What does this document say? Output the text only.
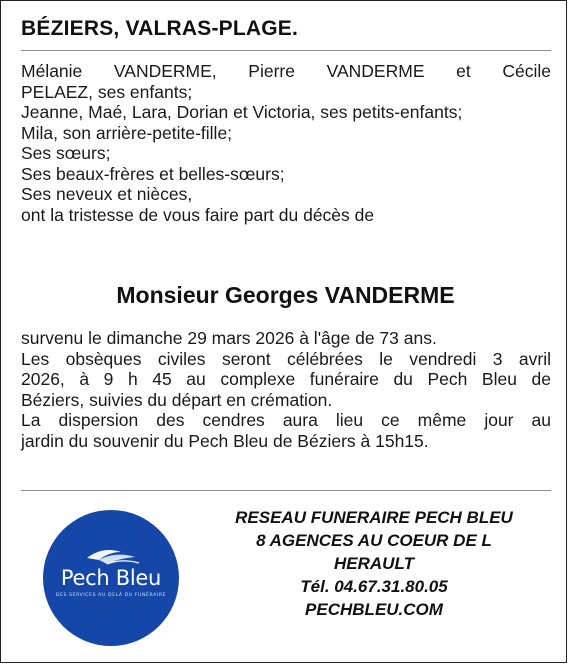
BÉZIERS, VALRAS-PLAGE.
Mélanie VANDERME, Pierre VANDERME et Cécile
PELAEZ, ses enfants;
Jeanne, Maé, Lara, Dorian et Victoria, ses petits-enfants;
Mila, son arrière-petite-fille;
Ses sœurs;
Ses beaux-frères et belles-sœurs;
Ses neveux et nièces,
ont la tristesse de vous faire part du décès de
Monsieur Georges VANDERME
survenu le dimanche 29 mars 2026 à l'âge de 73 ans.
Les obsèques civiles seront célébrées le vendredi 3 avril
2026, à 9 h 45 au complexe funéraire du Pech Bleu de
Béziers, suivies du départ en crémation.
La dispersion des cendres aura lieu ce même jour au
jardin du souvenir du Pech Bleu de Béziers à 15h15.
Pech Bleu
DES SERVICES AU DELÀ DU FUNÉRAIRE
RESEAU FUNERAIRE PECH BLEU
8 AGENCES AU COEUR DE L
HERAULT
Tél. 04.67.31.80.05
PECHBLEU.COM
